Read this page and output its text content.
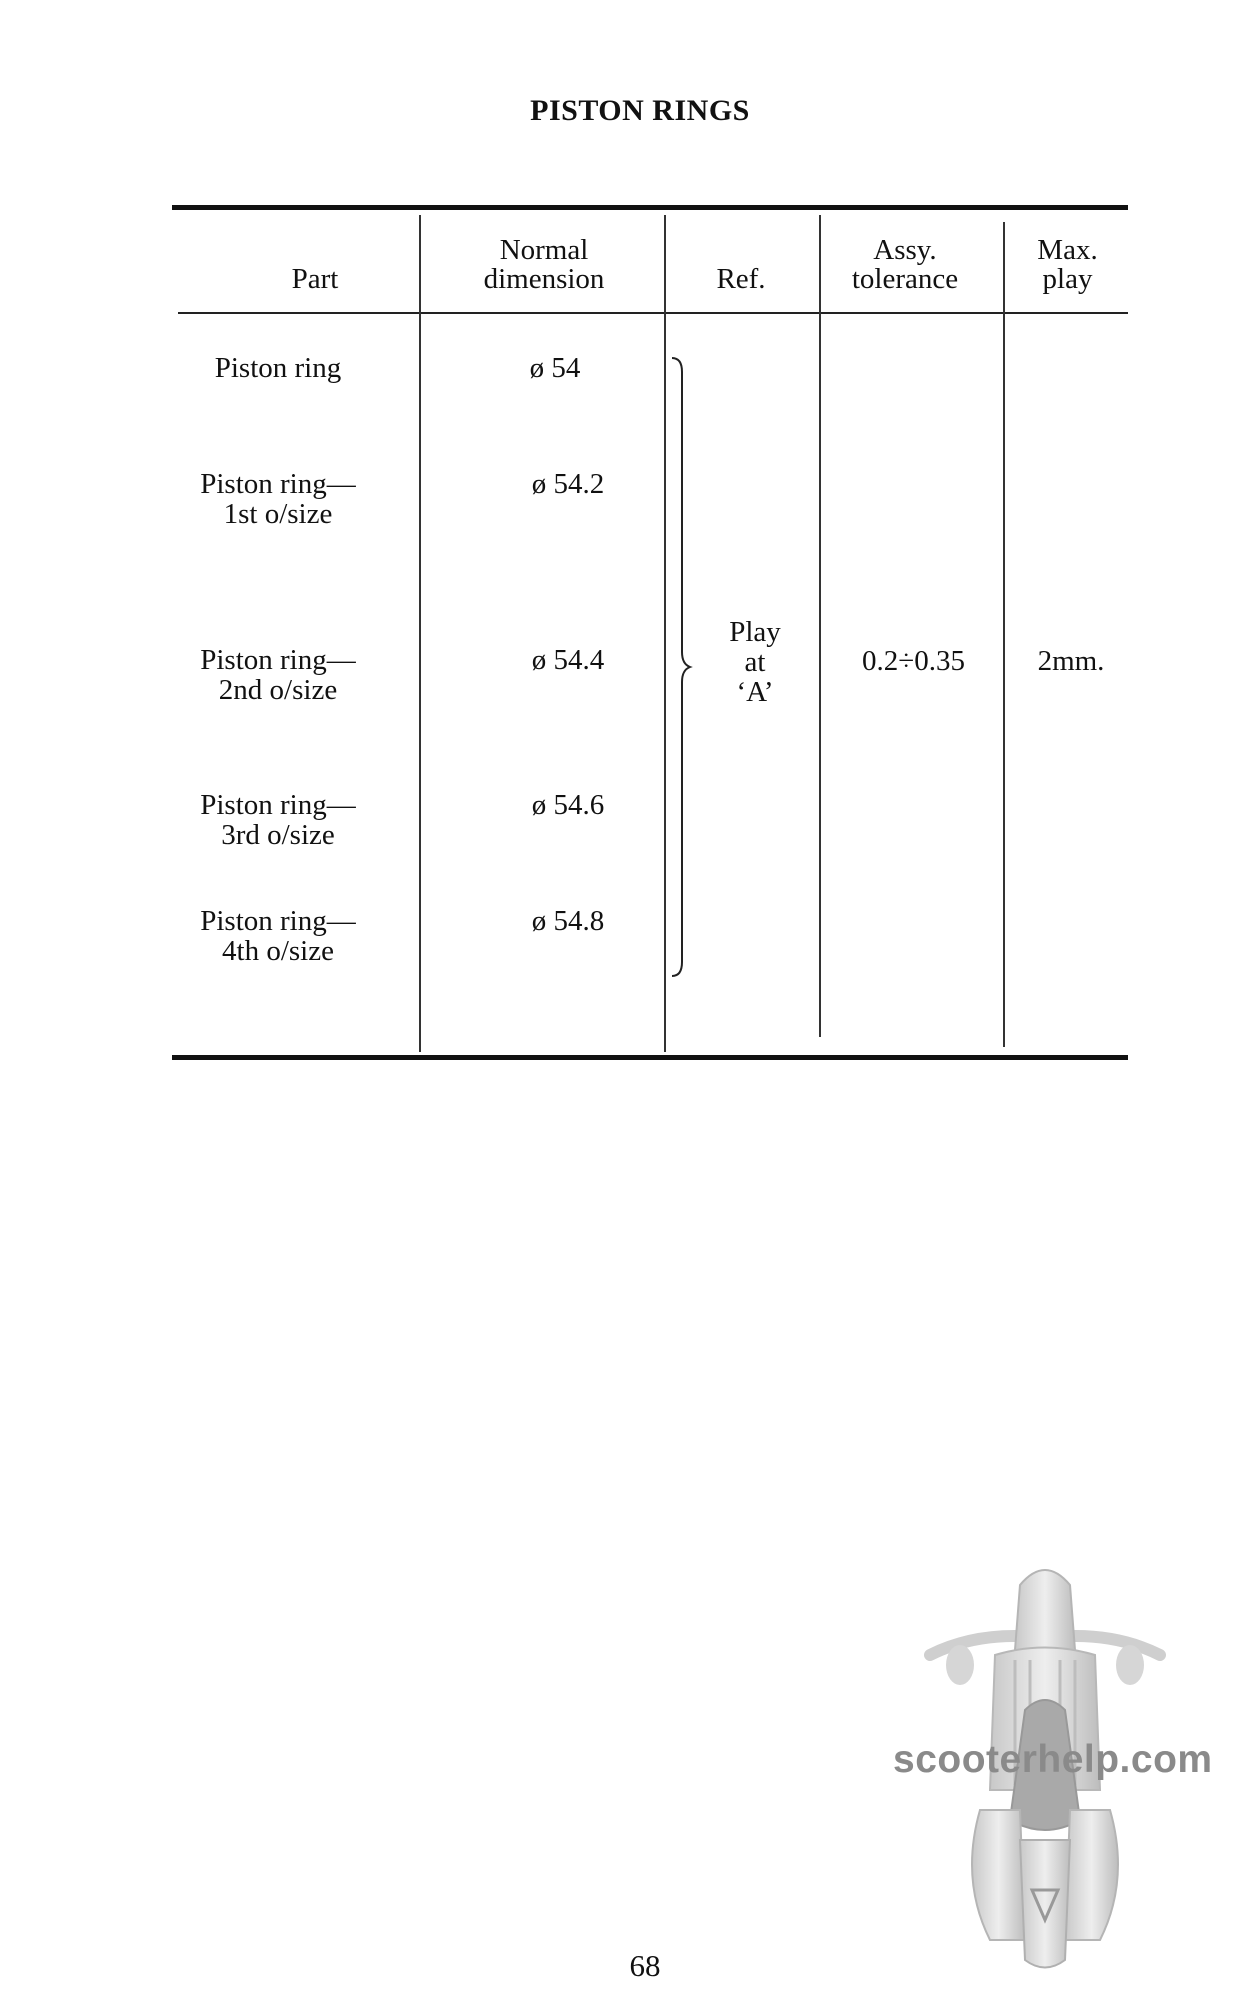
PISTON RINGS
Part
Normal
dimension	Ref.
Assy.
tolerance
Max.
play
Piston ring
Piston ring—
1st o/size
Piston ring—
2nd o/size
Piston ring—
3rd o/size
Piston ring—
4th o/size
ø 54
ø 54.2
ø 54.4
ø 54.6
ø 54.8
Play
at
‘A’
0.2÷0.35	2mm.
scooterhelp.com
68
